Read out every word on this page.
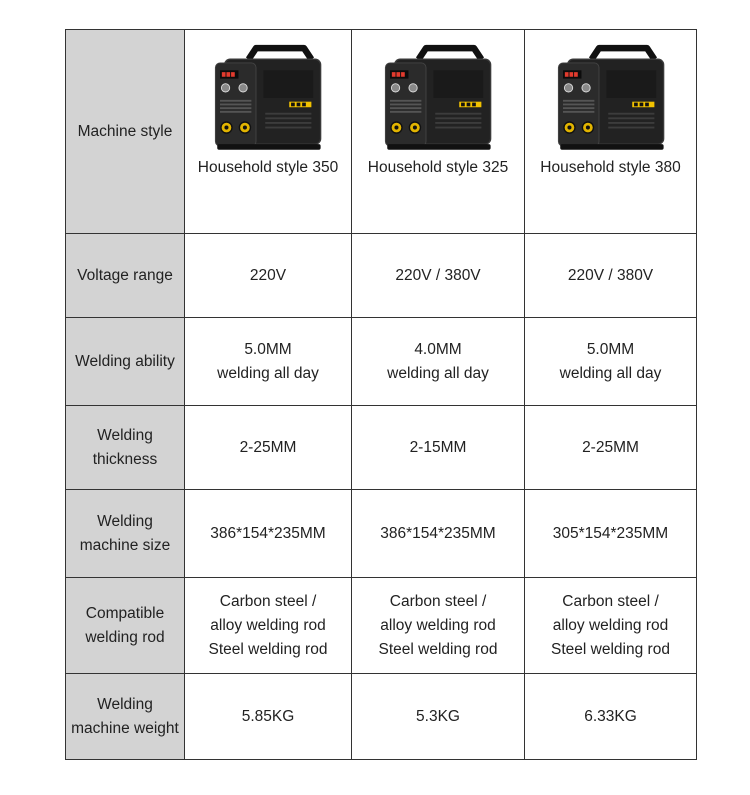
Machine style	Household style 350	Household style 325	Household style 380

Voltage range	220V	220V / 380V	220V / 380V

Welding ability	5.0MM
welding all day	4.0MM
welding all day	5.0MM
welding all day

Welding
thickness	2-25MM	2-15MM	2-25MM

Welding
machine size	386*154*235MM	386*154*235MM	305*154*235MM

Compatible
welding rod	Carbon steel /
alloy welding rod
Steel welding rod	Carbon steel /
alloy welding rod
Steel welding rod	Carbon steel /
alloy welding rod
Steel welding rod

Welding
machine weight	5.85KG	5.3KG	6.33KG
